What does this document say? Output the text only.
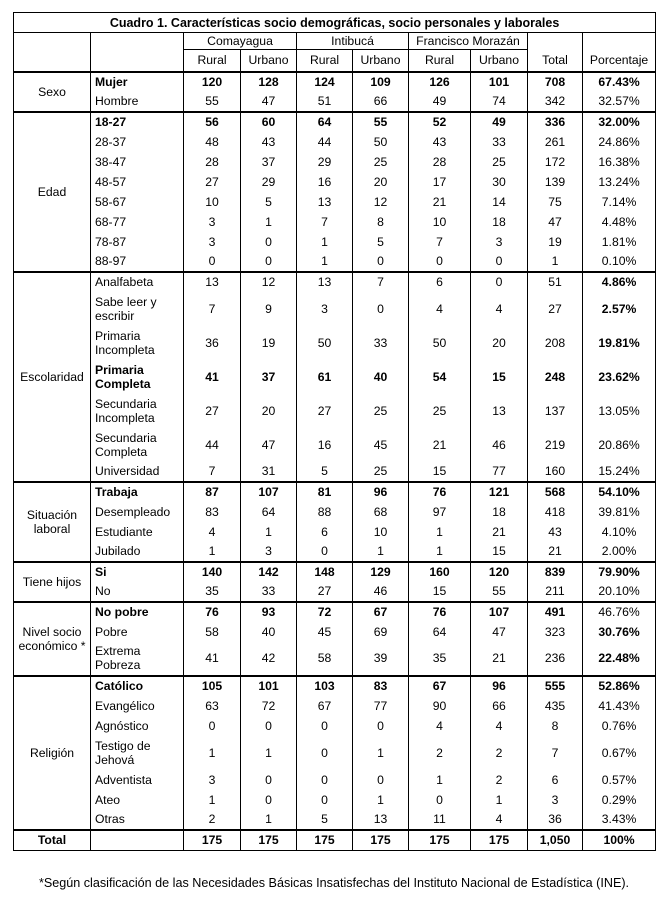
Cuadro 1. Características socio demográficas, socio personales y laborales									
		Comayagua		Intibucá		Francisco Morazán			
		Rural	Urbano	Rural	Urbano	Rural	Urbano	Total	Porcentaje
Sexo	Mujer	120	128	124	109	126	101	708	67.43%
	Hombre	55	47	51	66	49	74	342	32.57%
Edad	18-27	56	60	64	55	52	49	336	32.00%
	28-37	48	43	44	50	43	33	261	24.86%
	38-47	28	37	29	25	28	25	172	16.38%
	48-57	27	29	16	20	17	30	139	13.24%
	58-67	10	5	13	12	21	14	75	7.14%
	68-77	3	1	7	8	10	18	47	4.48%
	78-87	3	0	1	5	7	3	19	1.81%
	88-97	0	0	1	0	0	0	1	0.10%
Escolaridad	Analfabeta	13	12	13	7	6	0	51	4.86%
	Sabe leer y escribir	7	9	3	0	4	4	27	2.57%
	Primaria Incompleta	36	19	50	33	50	20	208	19.81%
	Primaria Completa	41	37	61	40	54	15	248	23.62%
	Secundaria Incompleta	27	20	27	25	25	13	137	13.05%
	Secundaria Completa	44	47	16	45	21	46	219	20.86%
	Universidad	7	31	5	25	15	77	160	15.24%
Situación laboral	Trabaja	87	107	81	96	76	121	568	54.10%
	Desempleado	83	64	88	68	97	18	418	39.81%
	Estudiante	4	1	6	10	1	21	43	4.10%
	Jubilado	1	3	0	1	1	15	21	2.00%
Tiene hijos	Si	140	142	148	129	160	120	839	79.90%
	No	35	33	27	46	15	55	211	20.10%
Nivel socio económico *	No pobre	76	93	72	67	76	107	491	46.76%
	Pobre	58	40	45	69	64	47	323	30.76%
	Extrema Pobreza	41	42	58	39	35	21	236	22.48%
Religión	Católico	105	101	103	83	67	96	555	52.86%
	Evangélico	63	72	67	77	90	66	435	41.43%
	Agnóstico	0	0	0	0	4	4	8	0.76%
	Testigo de Jehová	1	1	0	1	2	2	7	0.67%
	Adventista	3	0	0	0	1	2	6	0.57%
	Ateo	1	0	0	1	0	1	3	0.29%
	Otras	2	1	5	13	11	4	36	3.43%
Total		175	175	175	175	175	175	1,050	100%

*Según clasificación de las Necesidades Básicas Insatisfechas del Instituto Nacional de Estadística (INE).
